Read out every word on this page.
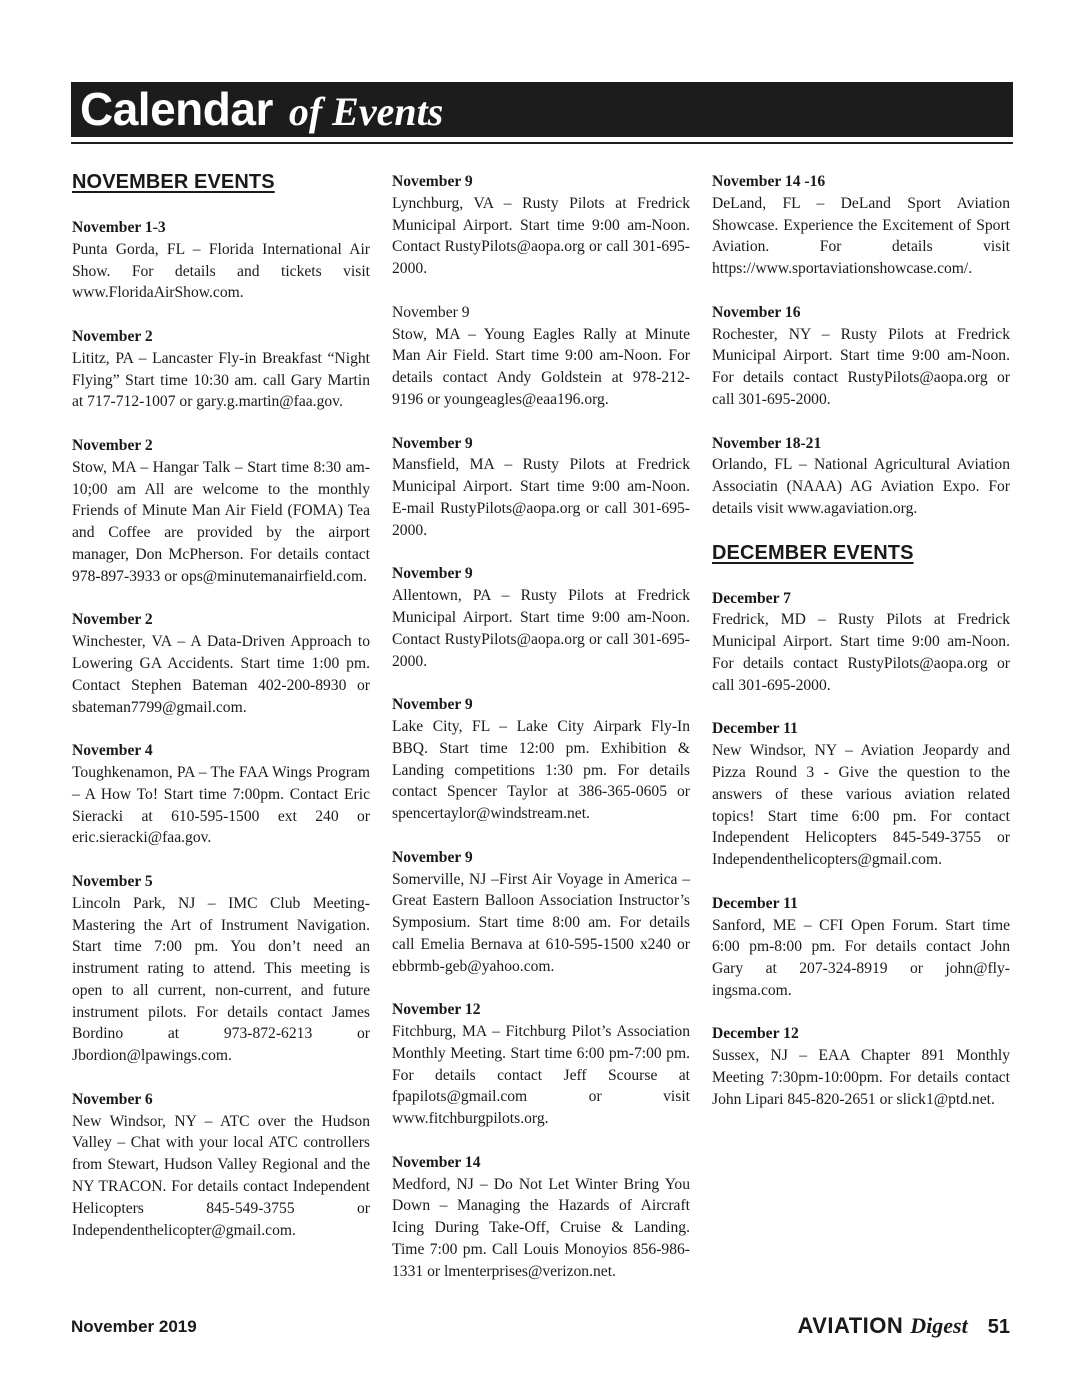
Calendar of Events
NOVEMBER EVENTS
November 1-3
Punta Gorda, FL – Florida International Air Show. For details and tickets visit www.FloridaAirShow.com.
November 2
Lititz, PA – Lancaster Fly-in Breakfast “Night Flying” Start time 10:30 am. call Gary Martin at 717-712-1007 or gary.g.martin@faa.gov.
November 2
Stow, MA – Hangar Talk – Start time 8:30 am-10;00 am All are welcome to the monthly Friends of Minute Man Air Field (FOMA) Tea and Coffee are provided by the airport manager, Don McPherson. For details contact 978-897-3933 or ops@minutemanairfield.com.
November 2
Winchester, VA – A Data-Driven Approach to Lowering GA Accidents. Start time 1:00 pm. Contact Stephen Bateman 402-200-8930 or sbateman7799@gmail.com.
November 4
Toughkenamon, PA – The FAA Wings Program – A How To! Start time 7:00pm. Contact Eric Sieracki at 610-595-1500 ext 240 or eric.sieracki@faa.gov.
November 5
Lincoln Park, NJ – IMC Club Meeting-Mastering the Art of Instrument Navigation. Start time 7:00 pm. You don’t need an instrument rating to attend. This meeting is open to all current, non-current, and future instrument pilots. For details contact James Bordino at 973-872-6213 or Jbordion@lpawings.com.
November 6
New Windsor, NY – ATC over the Hudson Valley – Chat with your local ATC controllers from Stewart, Hudson Valley Regional and the NY TRACON. For details contact Independent Helicopters 845-549-3755 or Independenthelicopter@gmail.com.
November 9
Lynchburg, VA – Rusty Pilots at Fredrick Municipal Airport. Start time 9:00 am-Noon. Contact RustyPilots@aopa.org or call 301-695-2000.
November 9
Stow, MA – Young Eagles Rally at Minute Man Air Field. Start time 9:00 am-Noon. For details contact Andy Goldstein at 978-212-9196 or youngeagles@eaa196.org.
November 9
Mansfield, MA – Rusty Pilots at Fredrick Municipal Airport. Start time 9:00 am-Noon. E-mail RustyPilots@aopa.org or call 301-695-2000.
November 9
Allentown, PA – Rusty Pilots at Fredrick Municipal Airport. Start time 9:00 am-Noon. Contact RustyPilots@aopa.org or call 301-695-2000.
November 9
Lake City, FL – Lake City Airpark Fly-In BBQ. Start time 12:00 pm. Exhibition & Landing competitions 1:30 pm. For details contact Spencer Taylor at 386-365-0605 or spencertaylor@windstream.net.
November 9
Somerville, NJ –First Air Voyage in America – Great Eastern Balloon Association Instructor’s Symposium. Start time 8:00 am. For details call Emelia Bernava at 610-595-1500 x240 or ebbrmb-geb@yahoo.com.
November 12
Fitchburg, MA – Fitchburg Pilot’s Association Monthly Meeting. Start time 6:00 pm-7:00 pm. For details contact Jeff Scourse at fpapilots@gmail.com or visit www.fitchburgpilots.org.
November 14
Medford, NJ – Do Not Let Winter Bring You Down – Managing the Hazards of Aircraft Icing During Take-Off, Cruise & Landing. Time 7:00 pm. Call Louis Monoyios 856-986-1331 or lmenterprises@verizon.net.
November 14 -16
DeLand, FL – DeLand Sport Aviation Showcase. Experience the Excitement of Sport Aviation. For details visit https://www.sportaviationshowcase.com/.
November 16
Rochester, NY – Rusty Pilots at Fredrick Municipal Airport. Start time 9:00 am-Noon. For details contact RustyPilots@aopa.org or call 301-695-2000.
November 18-21
Orlando, FL – National Agricultural Aviation Associatin (NAAA) AG Aviation Expo. For details visit www.agaviation.org.
DECEMBER EVENTS
December 7
Fredrick, MD – Rusty Pilots at Fredrick Municipal Airport. Start time 9:00 am-Noon. For details contact RustyPilots@aopa.org or call 301-695-2000.
December 11
New Windsor, NY – Aviation Jeopardy and Pizza Round 3 - Give the question to the answers of these various aviation related topics! Start time 6:00 pm. For contact Independent Helicopters 845-549-3755 or Independenthelicopters@gmail.com.
December 11
Sanford, ME – CFI Open Forum. Start time 6:00 pm-8:00 pm. For details contact John Gary at 207-324-8919 or john@fly-ingsma.com.
December 12
Sussex, NJ – EAA Chapter 891 Monthly Meeting 7:30pm-10:00pm. For details contact John Lipari 845-820-2651 or slick1@ptd.net.
November 2019	AVIATION Digest 51
